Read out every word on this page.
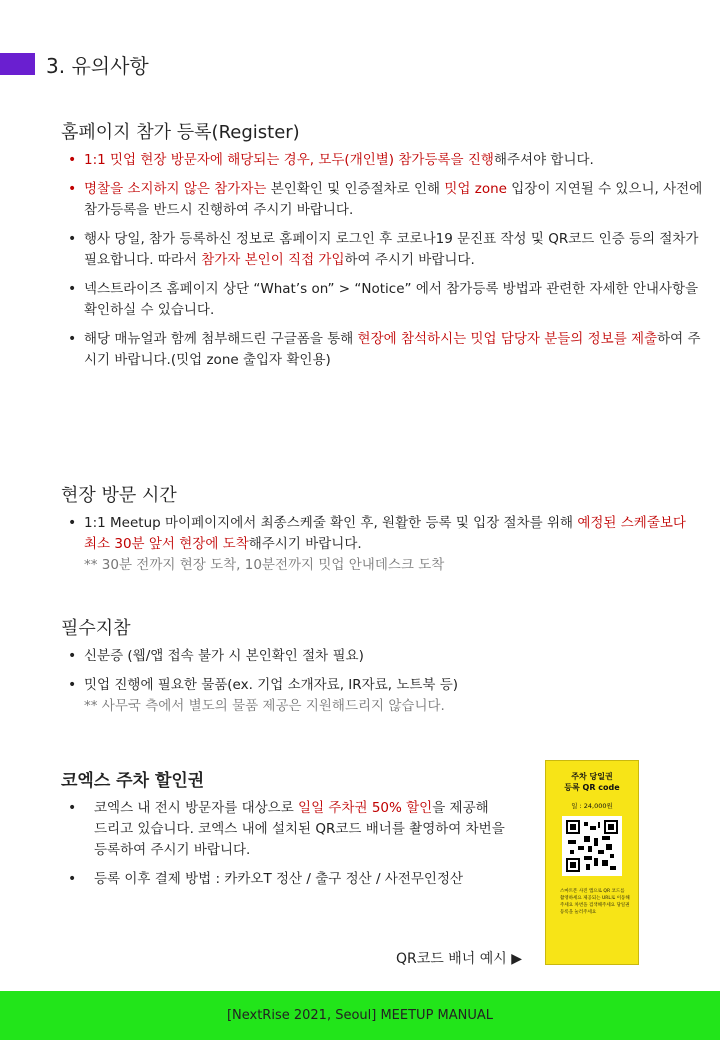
3. 유의사항
홈페이지 참가 등록(Register)
• 1:1 밋업 현장 방문자에 해당되는 경우, 모두(개인별) 참가등록을 진행해주셔야 합니다.
• 명찰을 소지하지 않은 참가자는 본인확인 및 인증절차로 인해 밋업 zone 입장이 지연될 수 있으니, 사전에 참가등록을 반드시 진행하여 주시기 바랍니다.
• 행사 당일, 참가 등록하신 정보로 홈페이지 로그인 후 코로나19 문진표 작성 및 QR코드 인증 등의 절차가 필요합니다. 따라서 참가자 본인이 직접 가입하여 주시기 바랍니다.
• 넥스트라이즈 홈페이지 상단 “What’s on” > “Notice” 에서 참가등록 방법과 관련한 자세한 안내사항을 확인하실 수 있습니다.
• 해당 매뉴얼과 함께 첨부해드린 구글폼을 통해 현장에 참석하시는 밋업 담당자 분들의 정보를 제출하여 주시기 바랍니다.(밋업 zone 출입자 확인용)
현장 방문 시간
• 1:1 Meetup 마이페이지에서 최종스케줄 확인 후, 원활한 등록 및 입장 절차를 위해 예정된 스케줄보다 최소 30분 앞서 현장에 도착해주시기 바랍니다.
** 30분 전까지 현장 도착, 10분전까지 밋업 안내데스크 도착
필수지참
• 신분증 (웹/앱 접속 불가 시 본인확인 절차 필요)
• 밋업 진행에 필요한 물품(ex. 기업 소개자료, IR자료, 노트북 등)
** 사무국 측에서 별도의 물품 제공은 지원해드리지 않습니다.
코엑스 주차 할인권
• 코엑스 내 전시 방문자를 대상으로 일일 주차권 50% 할인을 제공해
드리고 있습니다. 코엑스 내에 설치된 QR코드 배너를 촬영하여 차번을
등록하여 주시기 바랍니다.
• 등록 이후 결제 방법 : 카카오T 정산 / 출구 정산 / 사전무인정산
주차 당일권
등록 QR code
일 : 24,000원
스마트폰 사진 앱으로 QR 코드를 촬영하세요 제공되는 URL로 이동해주세요 차번을 검색해주세요 당일권 등록을 눌러주세요
QR코드 배너 예시 ▶
[NextRise 2021, Seoul] MEETUP MANUAL
